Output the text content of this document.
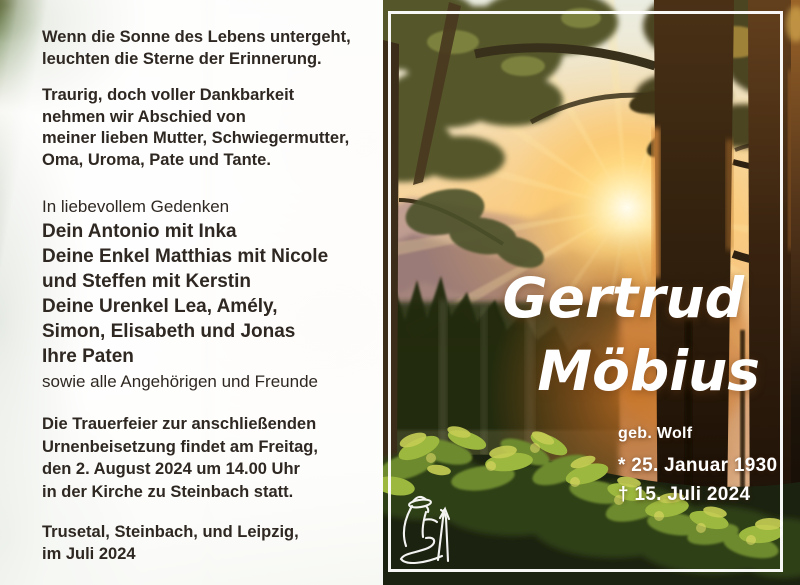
Wenn die Sonne des Lebens untergeht,
leuchten die Sterne der Erinnerung.
Traurig, doch voller Dankbarkeit
nehmen wir Abschied von
meiner lieben Mutter, Schwiegermutter,
Oma, Uroma, Pate und Tante.
In liebevollem Gedenken
Dein Antonio mit Inka
Deine Enkel Matthias mit Nicole
und Steffen mit Kerstin
Deine Urenkel Lea, Amély,
Simon, Elisabeth und Jonas
Ihre Paten
sowie alle Angehörigen und Freunde
Die Trauerfeier zur anschließenden
Urnenbeisetzung findet am Freitag,
den 2. August 2024 um 14.00 Uhr
in der Kirche zu Steinbach statt.
Trusetal, Steinbach, und Leipzig,
im Juli 2024
Gertrud
Möbius
geb. Wolf
* 25. Januar 1930
† 15. Juli 2024
